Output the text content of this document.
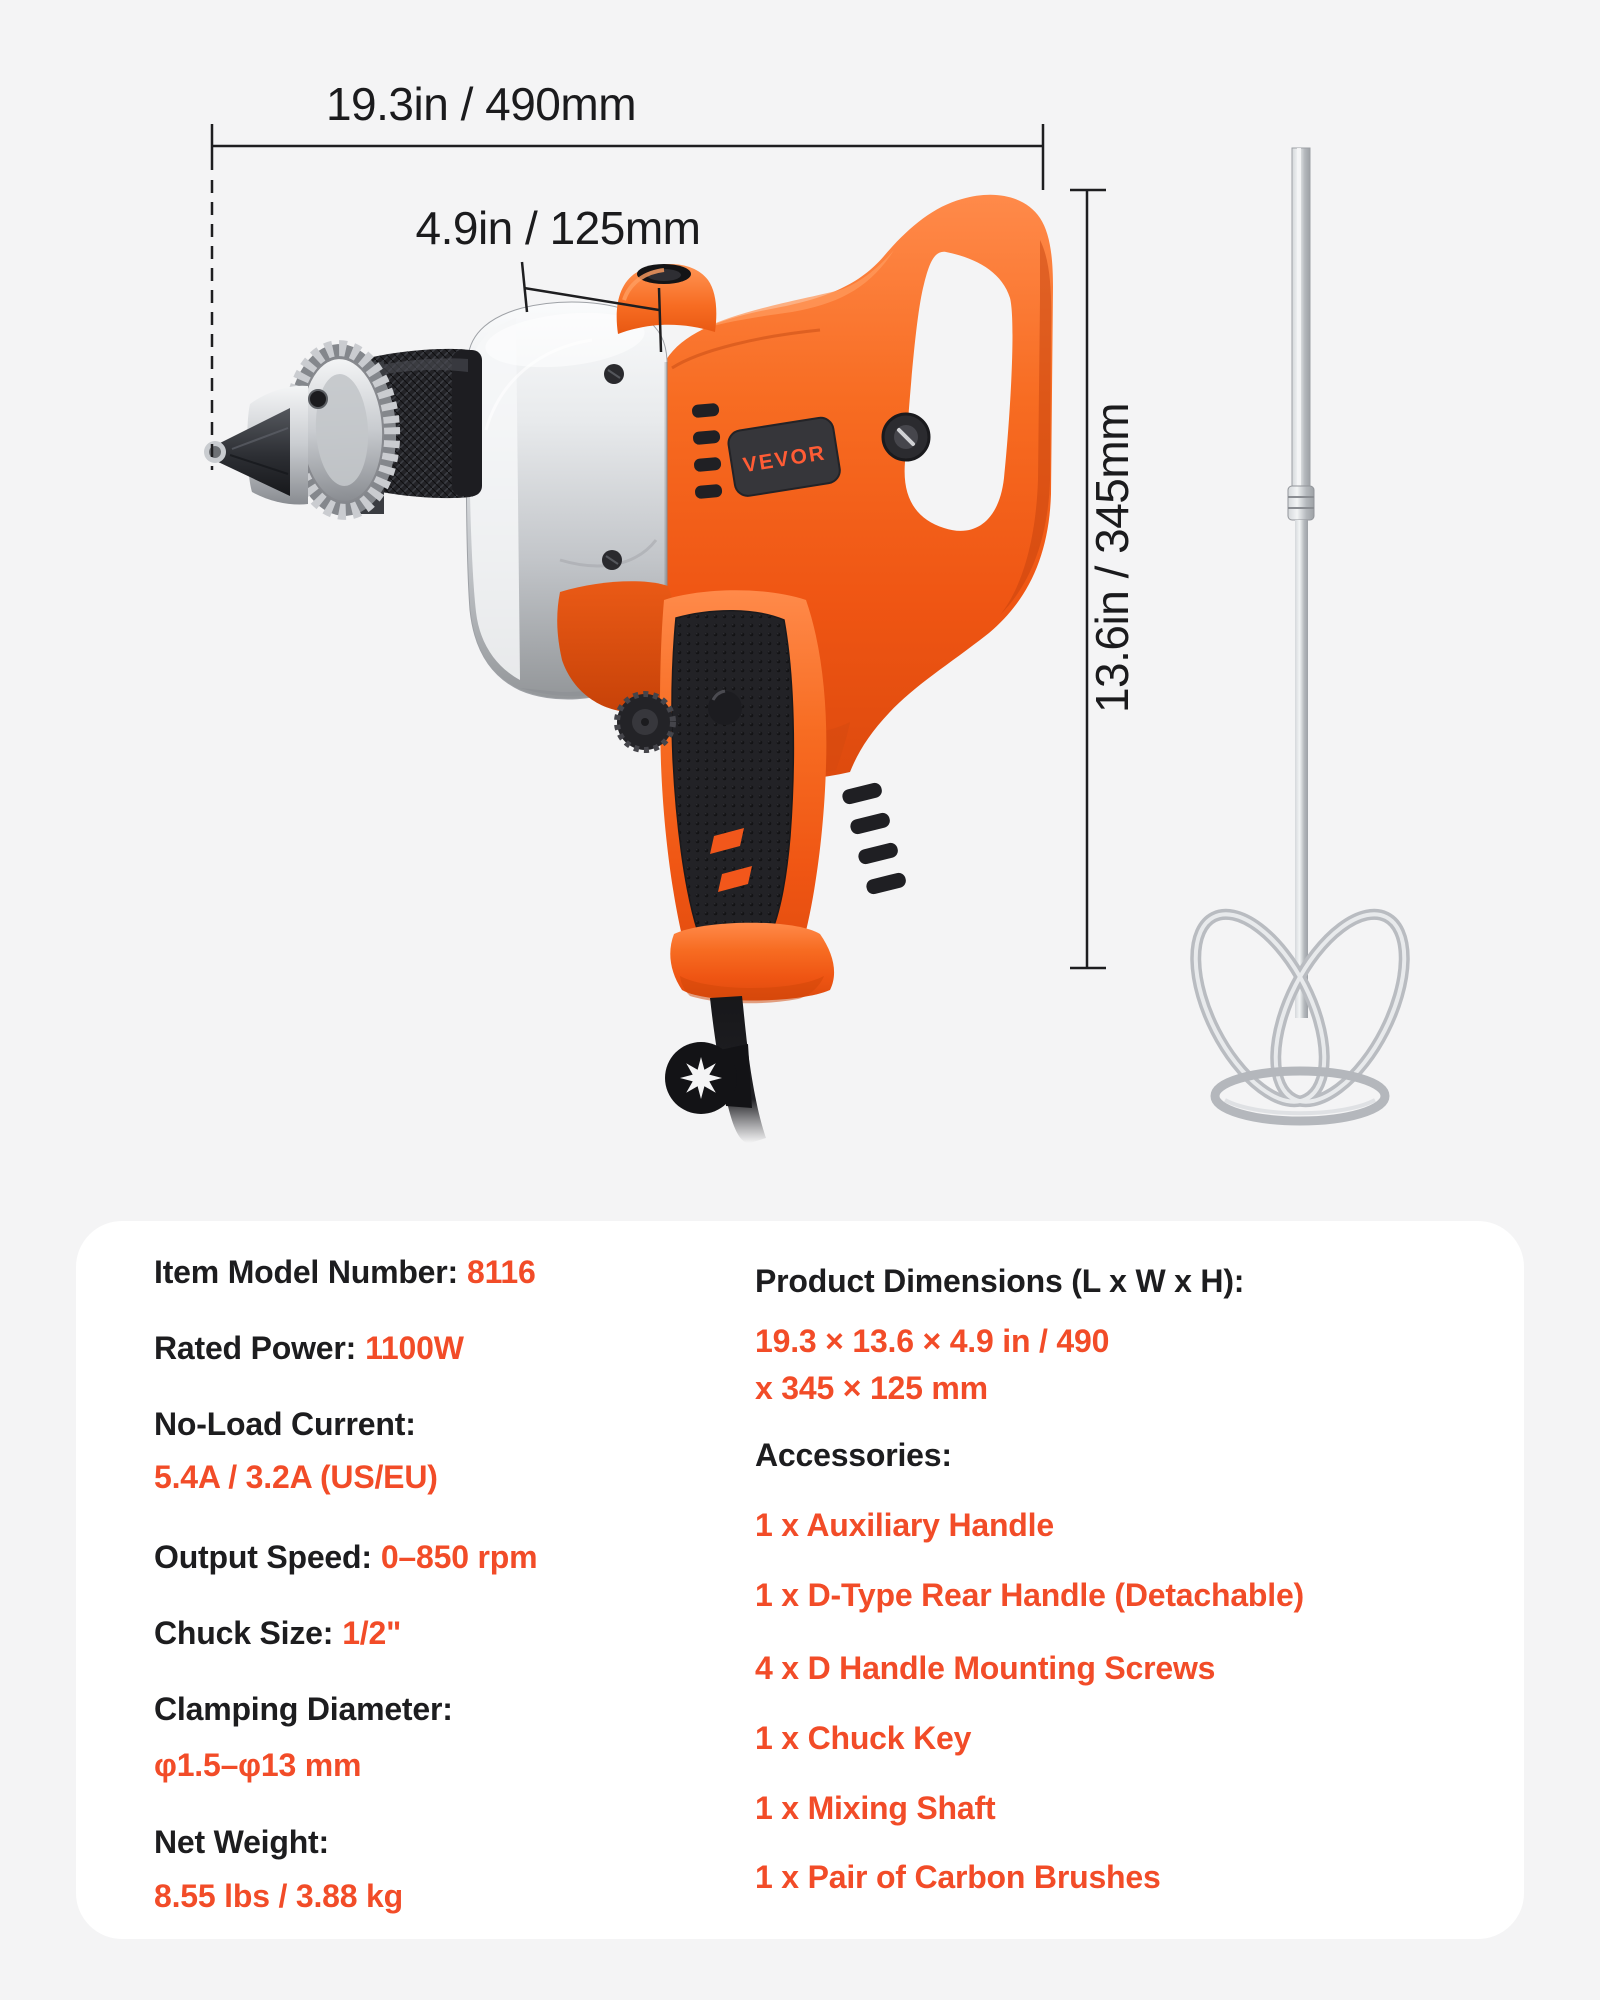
VEVOR
19.3in / 490mm
4.9in / 125mm
13.6in / 345mm
Item Model Number: 8116
Rated Power: 1100W
No-Load Current:
5.4A / 3.2A (US/EU)
Output Speed: 0–850 rpm
Chuck Size: 1/2"
Clamping Diameter:
φ1.5–φ13 mm
Net Weight:
8.55 lbs / 3.88 kg
Product Dimensions (L x W x H):
19.3 × 13.6 × 4.9 in / 490
x 345 × 125 mm
Accessories:
1 x Auxiliary Handle
1 x D-Type Rear Handle (Detachable)
4 x D Handle Mounting Screws
1 x Chuck Key
1 x Mixing Shaft
1 x Pair of Carbon Brushes
